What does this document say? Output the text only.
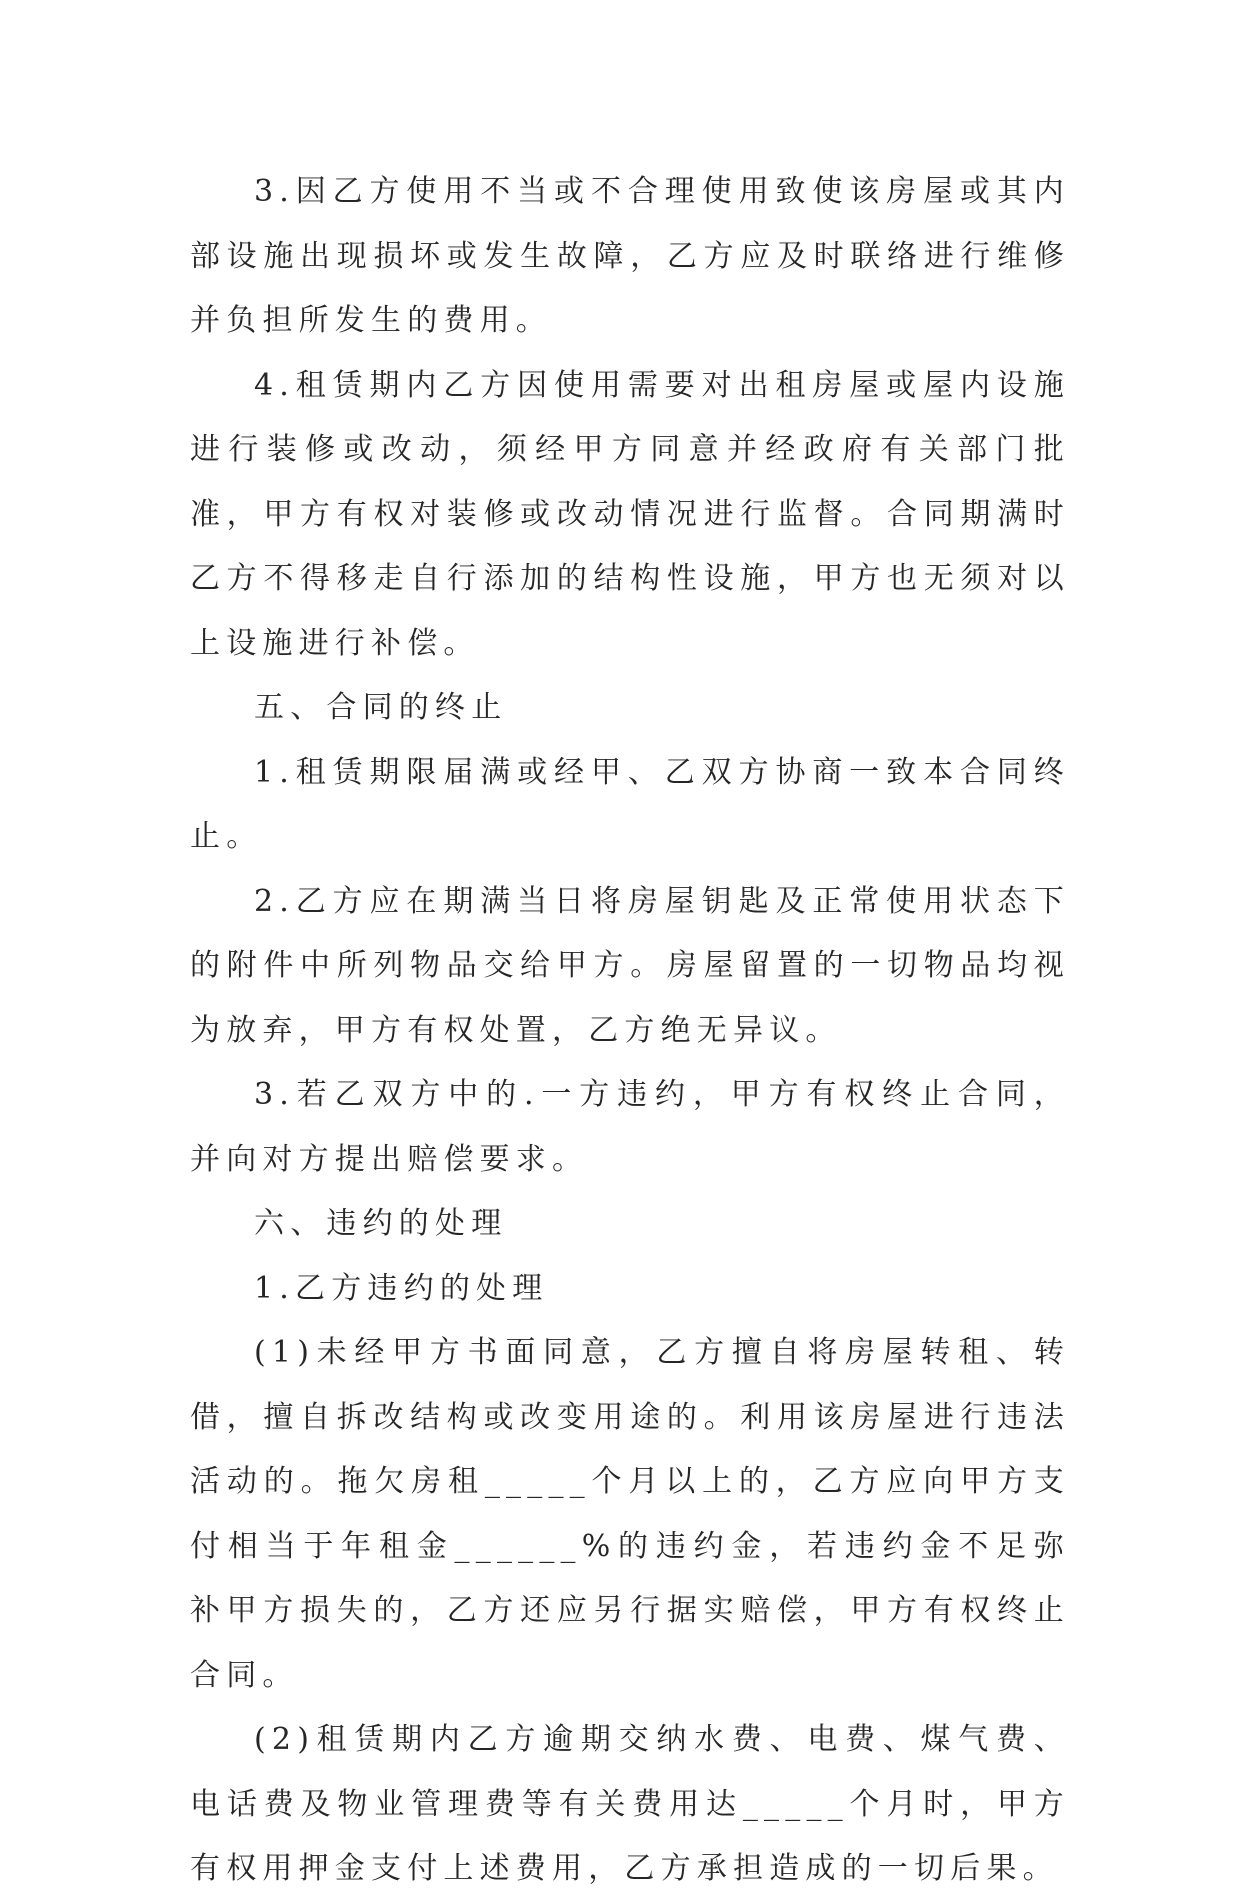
3.因乙方使用不当或不合理使用致使该房屋或其内部设施出现损坏或发生故障，乙方应及时联络进行维修并负担所发生的费用。

4.租赁期内乙方因使用需要对出租房屋或屋内设施进行装修或改动，须经甲方同意并经政府有关部门批准，甲方有权对装修或改动情况进行监督。合同期满时乙方不得移走自行添加的结构性设施，甲方也无须对以上设施进行补偿。

五、合同的终止

1.租赁期限届满或经甲、乙双方协商一致本合同终止。

2.乙方应在期满当日将房屋钥匙及正常使用状态下的附件中所列物品交给甲方。房屋留置的一切物品均视为放弃，甲方有权处置，乙方绝无异议。

3.若乙双方中的.一方违约，甲方有权终止合同，并向对方提出赔偿要求。

六、违约的处理

1.乙方违约的处理

(1)未经甲方书面同意，乙方擅自将房屋转租、转借，擅自拆改结构或改变用途的。利用该房屋进行违法活动的。拖欠房租_____个月以上的，乙方应向甲方支付相当于年租金______%的违约金，若违约金不足弥补甲方损失的，乙方还应另行据实赔偿，甲方有权终止合同。

(2)租赁期内乙方逾期交纳水费、电费、煤气费、电话费及物业管理费等有关费用达_____个月时，甲方有权用押金支付上述费用，乙方承担造成的一切后果。
